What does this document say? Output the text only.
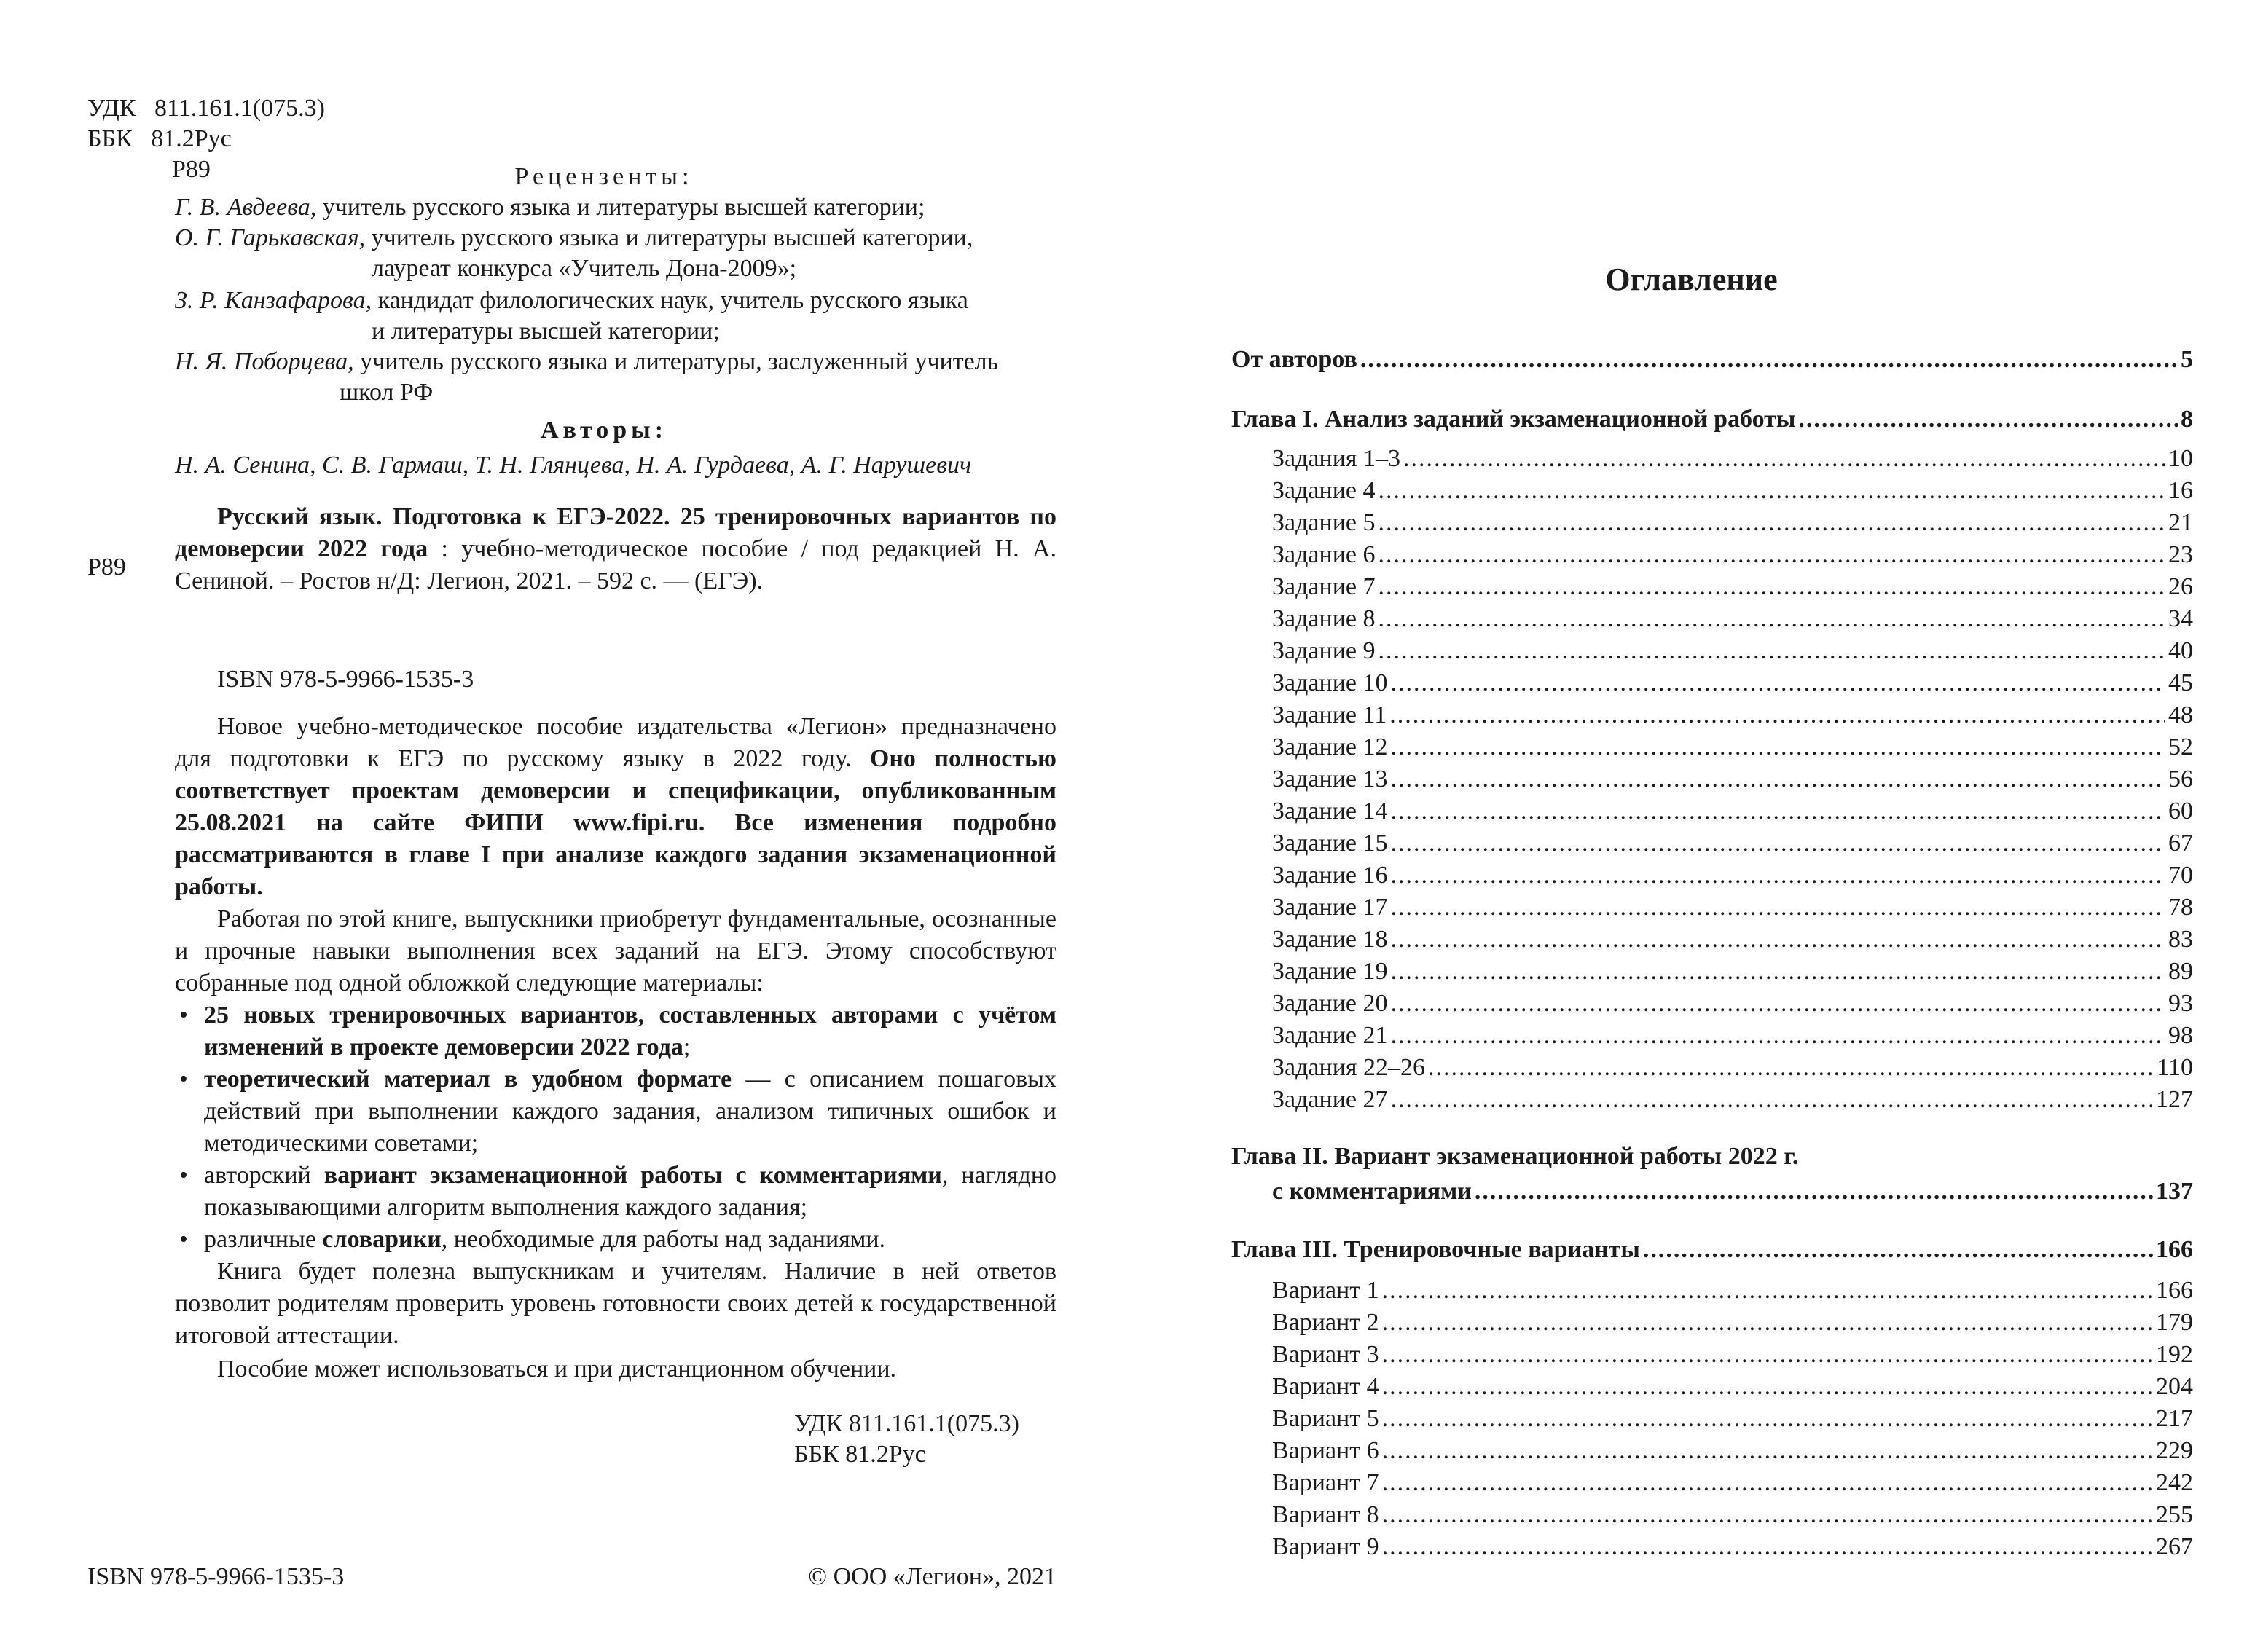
УДК 811.161.1(075.3)
ББК 81.2Рус
Р89	Рецензенты:
Г. В. Авдеева, учитель русского языка и литературы высшей категории;
О. Г. Гарькавская, учитель русского языка и литературы высшей категории,
лауреат конкурса «Учитель Дона-2009»;
З. Р. Канзафарова, кандидат филологических наук, учитель русского языка
и литературы высшей категории;
Н. Я. Поборцева, учитель русского языка и литературы, заслуженный учитель
школ РФ
Авторы:
Н. А. Сенина, С. В. Гармаш, Т. Н. Глянцева, Н. А. Гурдаева, А. Г. Нарушевич
Р89
Русский язык. Подготовка к ЕГЭ-2022. 25 тренировочных вариантов по демоверсии 2022 года : учебно-методическое пособие / под редакцией Н. А. Сениной. – Ростов н/Д: Легион, 2021. – 592 с. — (ЕГЭ).
ISBN 978-5-9966-1535-3
Новое учебно-методическое пособие издательства «Легион» предназначено для подготовки к ЕГЭ по русскому языку в 2022 году. Оно полностью соответствует проектам демоверсии и спецификации, опубликованным 25.08.2021 на сайте ФИПИ www.fipi.ru. Все изменения подробно рассматриваются в главе I при анализе каждого задания экзаменационной работы.
Работая по этой книге, выпускники приобретут фундаментальные, осознанные и прочные навыки выполнения всех заданий на ЕГЭ. Этому способствуют собранные под одной обложкой следующие материалы:
• 25 новых тренировочных вариантов, составленных авторами с учётом изменений в проекте демоверсии 2022 года;
• теоретический материал в удобном формате — с описанием пошаговых действий при выполнении каждого задания, анализом типичных ошибок и методическими советами;
• авторский вариант экзаменационной работы с комментариями, наглядно показывающими алгоритм выполнения каждого задания;
• различные словарики, необходимые для работы над заданиями.
Книга будет полезна выпускникам и учителям. Наличие в ней ответов позволит родителям проверить уровень готовности своих детей к государственной итоговой аттестации.
Пособие может использоваться и при дистанционном обучении.
УДК 811.161.1(075.3)
ББК 81.2Рус
ISBN 978-5-9966-1535-3	© ООО «Легион», 2021
Оглавление
От авторов .....	5
Глава I. Анализ заданий экзаменационной работы .....	8
Задания 1–3 .....	10
Задание 4 .....	16
Задание 5 .....	21
Задание 6 .....	23
Задание 7 .....	26
Задание 8 .....	34
Задание 9 .....	40
Задание 10 .....	45
Задание 11 .....	48
Задание 12 .....	52
Задание 13 .....	56
Задание 14 .....	60
Задание 15 .....	67
Задание 16 .....	70
Задание 17 .....	78
Задание 18 .....	83
Задание 19 .....	89
Задание 20 .....	93
Задание 21 .....	98
Задания 22–26 .....	110
Задание 27 .....	127
Глава II. Вариант экзаменационной работы 2022 г.
с комментариями .....	137
Глава III. Тренировочные варианты .....	166
Вариант 1 .....	166
Вариант 2 .....	179
Вариант 3 .....	192
Вариант 4 .....	204
Вариант 5 .....	217
Вариант 6 .....	229
Вариант 7 .....	242
Вариант 8 .....	255
Вариант 9 .....	267
